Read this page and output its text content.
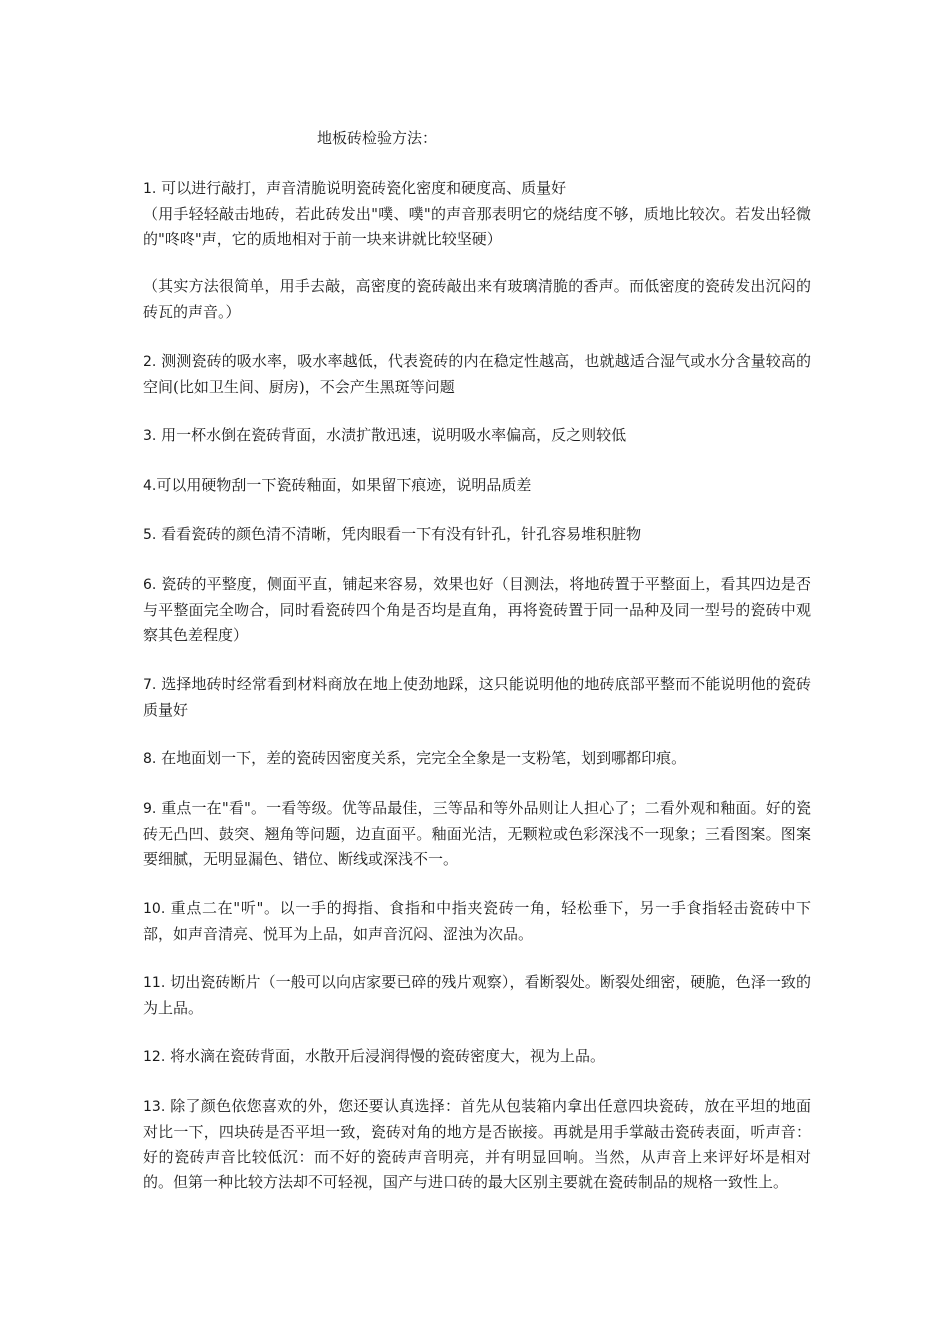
地板砖检验方法：

1. 可以进行敲打，声音清脆说明瓷砖瓷化密度和硬度高、质量好
（用手轻轻敲击地砖，若此砖发出"噗、噗"的声音那表明它的烧结度不够，质地比较次。若发出轻微的"咚咚"声，它的质地相对于前一块来讲就比较坚硬）

（其实方法很简单，用手去敲，高密度的瓷砖敲出来有玻璃清脆的香声。而低密度的瓷砖发出沉闷的砖瓦的声音。）

2. 测测瓷砖的吸水率，吸水率越低，代表瓷砖的内在稳定性越高，也就越适合湿气或水分含量较高的空间(比如卫生间、厨房)，不会产生黑斑等问题

3. 用一杯水倒在瓷砖背面，水渍扩散迅速，说明吸水率偏高，反之则较低

4.可以用硬物刮一下瓷砖釉面，如果留下痕迹，说明品质差

5. 看看瓷砖的颜色清不清晰，凭肉眼看一下有没有针孔，针孔容易堆积脏物

6. 瓷砖的平整度，侧面平直，铺起来容易，效果也好（目测法，将地砖置于平整面上，看其四边是否与平整面完全吻合，同时看瓷砖四个角是否均是直角，再将瓷砖置于同一品种及同一型号的瓷砖中观察其色差程度）

7. 选择地砖时经常看到材料商放在地上使劲地踩，这只能说明他的地砖底部平整而不能说明他的瓷砖质量好

8. 在地面划一下，差的瓷砖因密度关系，完完全全象是一支粉笔，划到哪都印痕。

9. 重点一在"看"。一看等级。优等品最佳，三等品和等外品则让人担心了；二看外观和釉面。好的瓷砖无凸凹、鼓突、翘角等问题，边直面平。釉面光洁，无颗粒或色彩深浅不一现象；三看图案。图案要细腻，无明显漏色、错位、断线或深浅不一。

10. 重点二在"听"。以一手的拇指、食指和中指夹瓷砖一角，轻松垂下，另一手食指轻击瓷砖中下部，如声音清亮、悦耳为上品，如声音沉闷、涩浊为次品。

11. 切出瓷砖断片（一般可以向店家要已碎的残片观察），看断裂处。断裂处细密，硬脆，色泽一致的为上品。

12. 将水滴在瓷砖背面，水散开后浸润得慢的瓷砖密度大，视为上品。

13. 除了颜色依您喜欢的外，您还要认真选择：首先从包装箱内拿出任意四块瓷砖，放在平坦的地面对比一下，四块砖是否平坦一致，瓷砖对角的地方是否嵌接。再就是用手掌敲击瓷砖表面，听声音：好的瓷砖声音比较低沉：而不好的瓷砖声音明亮，并有明显回响。当然，从声音上来评好坏是相对的。但第一种比较方法却不可轻视，国产与进口砖的最大区别主要就在瓷砖制品的规格一致性上。
